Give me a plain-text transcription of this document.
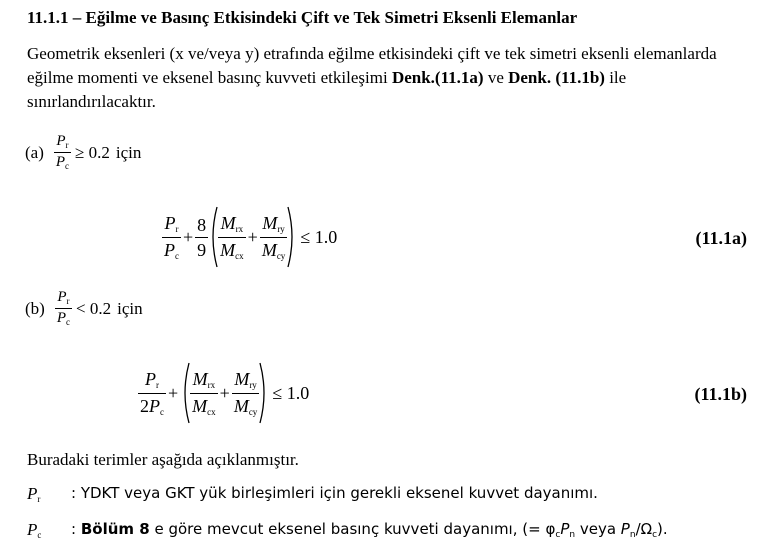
11.1.1 – Eğilme ve Basınç Etkisindeki Çift ve Tek Simetri Eksenli Elemanlar
Geometrik eksenleri (x ve/veya y) etrafında eğilme etkisindeki çift ve tek simetri eksenli elemanlarda eğilme momenti ve eksenel basınç kuvveti etkileşimi Denk.(11.1a) ve Denk. (11.1b) ile sınırlandırılacaktır.
$(a) \frac{P_r}{P_c} \ge 0.2$ için
$\frac{P_r}{P_c} + \frac{8}{9} \frac{M_{rx}}{M_{cx}} + \frac{M_{ry}}{M_{cy}} \le 1.0$	(11.1a)
$(b) \frac{P_r}{P_c} < 0.2$ için
$\frac{P_r}{2P_c} + \frac{M_{rx}}{M_{cx}} + \frac{M_{ry}}{M_{cy}} \le 1.0$	(11.1b)
Buradaki terimler aşağıda açıklanmıştır.
$P_r$	: YDKT veya GKT yük birleşimleri için gerekli eksenel kuvvet dayanımı.
$P_c$	: Bölüm 8 e göre mevcut eksenel basınç kuvveti dayanımı, (= $\varphi_cP_n$ veya $P_n/\Omega_c$).
